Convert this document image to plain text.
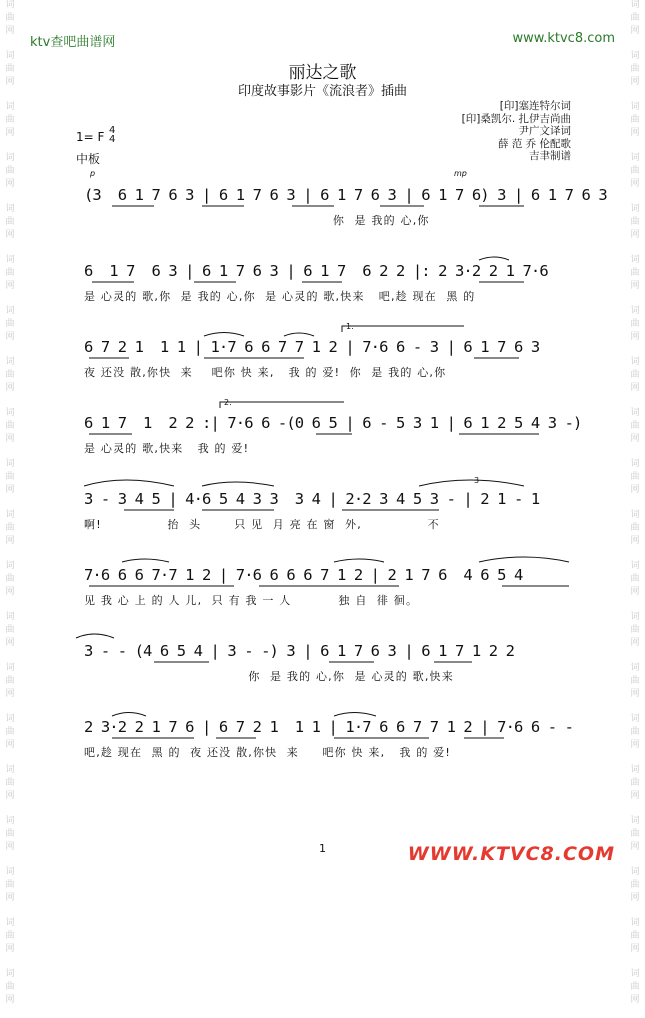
词
曲
网
词
曲
网
词
曲
网
词
曲
网
词
曲
网
词
曲
网
词
曲
网
词
曲
网
词
曲
网
词
曲
网
词
曲
网
词
曲
网
词
曲
网
词
曲
网
词
曲
网
词
曲
网
词
曲
网
词
曲
网
词
曲
网
词
曲
网
词
曲
网
词
曲
网
词
曲
网
词
曲
网
词
曲
网
词
曲
网
词
曲
网
词
曲
网
词
曲
网
词
曲
网
词
曲
网
词
曲
网
词
曲
网
词
曲
网
词
曲
网
词
曲
网
词
曲
网
词
曲
网
词
曲
网
词
曲
网
ktv查吧曲谱网	www.ktvc8.com
丽达之歌
印度故事影片《流浪者》插曲
[印]塞连特尔词
[印]桑凯尔. 扎伊吉尚曲
尹广文译词
薛 范 乔 伦配歌
吉聿制谱
1= F 4
4
中板
p	mp
(3  6 1 7 6 3 | 6 1 7 6 3 | 6 1 7 6 3 | 6 1 7 6) 3 | 6 1 7 6 3
你  是 我的 心,你
6  1 7  6 3 | 6 1 7 6 3 | 6 1 7  6 2 2 |: 2 3·2 2 1 7·6
是 心灵的 歌,你  是 我的 心,你  是 心灵的 歌,快来   吧,趁 现在  黑 的
1.
6 7 2 1  1 1 | 1·7 6 6 7 7 1 2 | 7·6 6 - 3 | 6 1 7 6 3
夜 还没 散,你快  来    吧你 快 来,   我 的 爱!  你  是 我的 心,你
2.
6 1 7  1  2 2 :| 7·6 6 -(0 6 5 | 6 - 5 3 1 | 6 1 2 5 4 3 -)
是 心灵的 歌,快来   我 的 爱!
3
3 - 3 4 5 | 4·6 5 4 3 3  3 4 | 2·2 3 4 5 3 - | 2 1 - 1
啊!              抬  头       只 见  月 亮 在 窗  外,              不
7·6 6 6 7·7 1 2 | 7·6 6 6 6 7 1 2 | 2 1 7 6  4 6 5 4
见 我 心 上 的 人 儿,  只 有 我 一 人          独 自  徘 徊。
3 - - (4 6 5 4 | 3 - -) 3 | 6 1 7 6 3 | 6 1 7 1 2 2
你  是 我的 心,你  是 心灵的 歌,快来
2 3·2 2 1 7 6 | 6 7 2 1  1 1 | 1·7 6 6 7 7 1 2 | 7·6 6 - -
吧,趁 现在  黑 的  夜 还没 散,你快  来     吧你 快 来,   我 的 爱!
1	WWW.KTVC8.COM
